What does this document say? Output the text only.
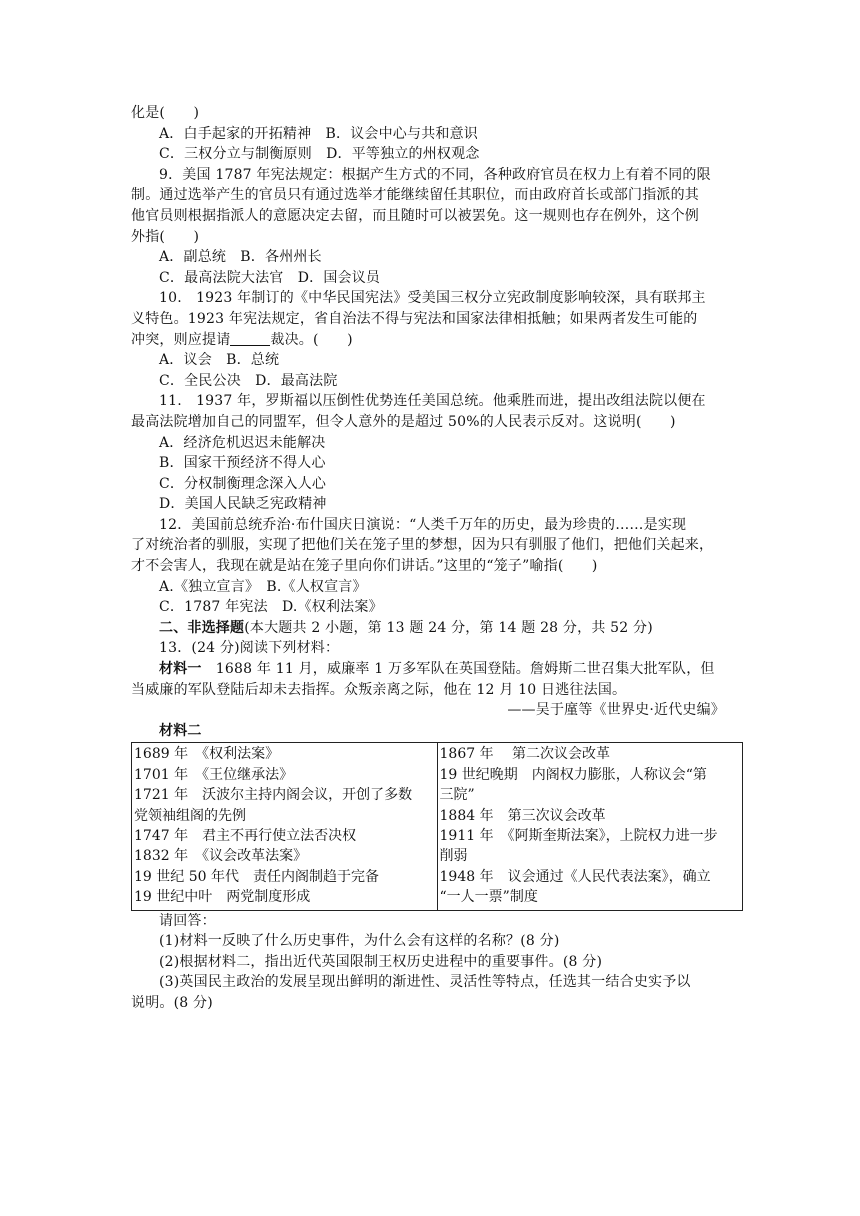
化是(　　)
A．白手起家的开拓精神　B．议会中心与共和意识
C．三权分立与制衡原则　D．平等独立的州权观念
9．美国 1787 年宪法规定：根据产生方式的不同，各种政府官员在权力上有着不同的限
制。通过选举产生的官员只有通过选举才能继续留任其职位，而由政府首长或部门指派的其
他官员则根据指派人的意愿决定去留，而且随时可以被罢免。这一规则也存在例外，这个例
外指(　　)
A．副总统　B．各州州长
C．最高法院大法官　D．国会议员
10.　1923 年制订的《中华民国宪法》受美国三权分立宪政制度影响较深，具有联邦主
义特色。1923 年宪法规定，省自治法不得与宪法和国家法律相抵触；如果两者发生可能的
冲突，则应提请	裁决。(　　)
A．议会　B．总统
C．全民公决　D．最高法院
11.　1937 年，罗斯福以压倒性优势连任美国总统。他乘胜而进，提出改组法院以便在
最高法院增加自己的同盟军，但令人意外的是超过 50%的人民表示反对。这说明(　　)
A．经济危机迟迟未能解决
B．国家干预经济不得人心
C．分权制衡理念深入人心
D．美国人民缺乏宪政精神
12．美国前总统乔治·布什国庆日演说：“人类千万年的历史，最为珍贵的……是实现
了对统治者的驯服，实现了把他们关在笼子里的梦想，因为只有驯服了他们，把他们关起来，
才不会害人，我现在就是站在笼子里向你们讲话。”这里的“笼子”喻指(　　)
A.《独立宣言》　B.《人权宣言》
C．1787 年宪法　D.《权利法案》
二、非选择题(本大题共 2 小题，第 13 题 24 分，第 14 题 28 分，共 52 分)
13．(24 分)阅读下列材料：
材料一　1688 年 11 月，威廉率 1 万多军队在英国登陆。詹姆斯二世召集大批军队，但
当威廉的军队登陆后却未去指挥。众叛亲离之际，他在 12 月 10 日逃往法国。
——吴于廑等《世界史·近代史编》
材料二
1689 年　《权利法案》
1701 年　《王位继承法》
1721 年　沃波尔主持内阁会议，开创了多数
党领袖组阁的先例
1747 年　君主不再行使立法否决权
1832 年　《议会改革法案》
19 世纪 50 年代　责任内阁制趋于完备
19 世纪中叶　两党制度形成

1867 年　 第二次议会改革
19 世纪晚期　内阁权力膨胀，人称议会“第
三院”
1884 年　第三次议会改革
1911 年　《阿斯奎斯法案》，上院权力进一步
削弱
1948 年　议会通过《人民代表法案》，确立
“一人一票”制度
请回答：
(1)材料一反映了什么历史事件，为什么会有这样的名称？(8 分)
(2)根据材料二，指出近代英国限制王权历史进程中的重要事件。(8 分)
(3)英国民主政治的发展呈现出鲜明的渐进性、灵活性等特点，任选其一结合史实予以
说明。(8 分)
